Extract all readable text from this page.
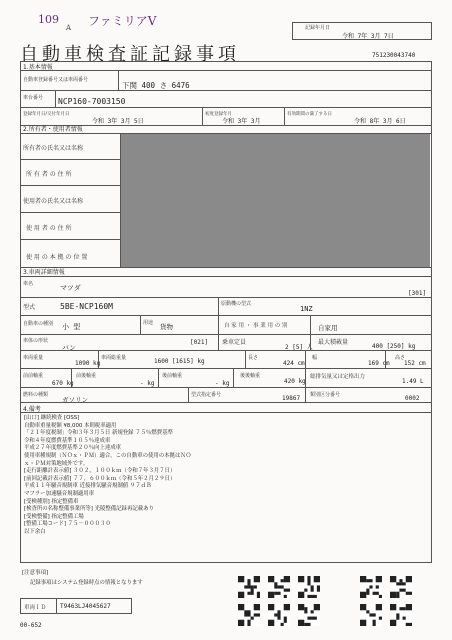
109
A ファミリアV
自動車検査証記録事項
記録年月日
令和 7年 3月 7日
751230043740
1.基本情報
自動車登録番号又は車両番号
下関 400 さ 6476
車台番号 NCP160-7003150
登録年月日/交付年月日
令和 3年 3月 5日
初度登録年月
令和 3年 3月
有効期間の満了する日
令和 8年 3月 6日
2.所有者・使用者情報
所有者の氏名又は名称
所 有 者 の 住 所
使用者の氏名又は名称
使 用 者 の 住 所
使 用 の 本 拠 の 位 置
3.車両詳細情報
車名	マツダ
[301]
型式	5BE-NCP160M	原動機の型式
1NZ
自動車の種別 小 型	用途 貨物	自 家 用 ・ 事 業 用 の 別	自家用
車体の形状
バン
[021] 乗車定員
2 [5] 人
最大積載量
400 [250] kg
車両重量
1090 kg
車両総重量	1600 [1615] kg	長さ
424 cm
幅
169 cm
高さ
152 cm
前前軸重
670 kg
前後軸重
- kg
後前軸重
- kg
後後軸重
420 kg
総排気量又は定格出力
1.49 L
燃料の種類
ガソリン
型式指定番号	19867 類別区分番号	0002
4.備考
[山口] 継続検査 [OSS]
自動車重量税額 ¥8,000 本則税率適用
「２１年度税制」令和３年３月５日 新規登録 ７５％燃費基準
令和４年度燃費基準１０５％達成車
平成２７年度燃費基準２０％向上達成車
使用車種規制（ＮＯｘ・ＰＭ）適合。この自動車の使用の本拠はＮＯ
ｘ・ＰＭ対策地域外です。
[走行距離計表示値] ３０２，１００ｋｍ（令和７年３月７日）
[前回記載計表示値] ７７，６００ｋｍ（令和５年２月２９日）
平成１１年騒音規制車 近接排気騒音規制値 ９７ｄＢ
マフラー加速騒音規制適用車
[受検種別] 指定整備車
[検査所の名称整備事業所等] 光陵整備記録再記載あり
[受検整備] 指定整備工場
[整備工場コード] ７５－０００３０
以下余白
[注意事項]
記録事項はシステム登録時点の情報となります
車両ＩＤ T9463LJ4045627
00-652
